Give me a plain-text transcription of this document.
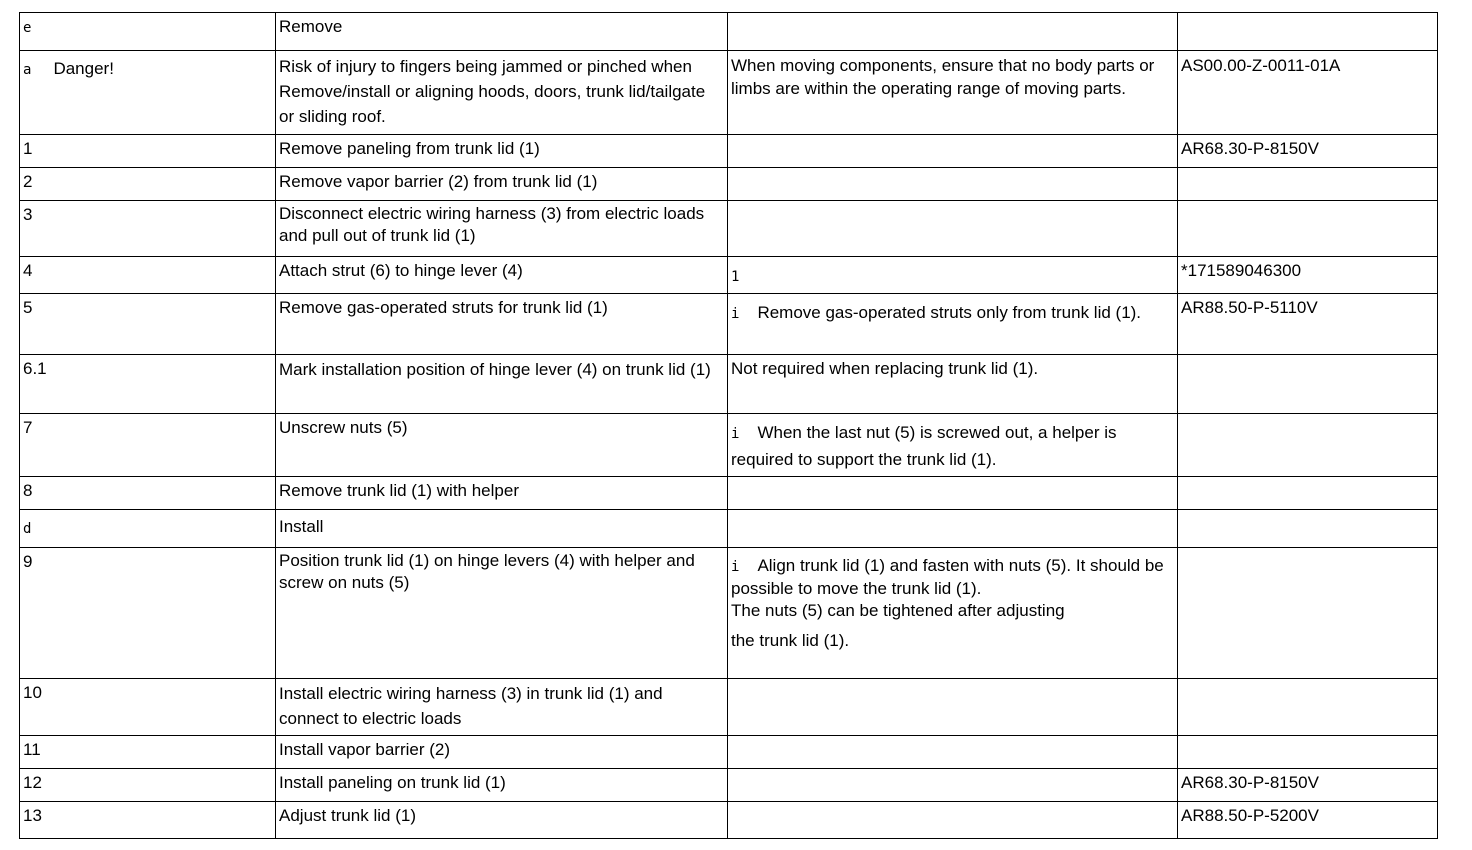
e	Remove		
a Danger!	Risk of injury to fingers being jammed or pinched when Remove/install or aligning hoods, doors, trunk lid/tailgate or sliding roof.	When moving components, ensure that no body parts or limbs are within the operating range of moving parts.	AS00.00-Z-0011-01A
1	Remove paneling from trunk lid (1)		AR68.30-P-8150V
2	Remove vapor barrier (2) from trunk lid (1)		
3	Disconnect electric wiring harness (3) from electric loads and pull out of trunk lid (1)		
4	Attach strut (6) to hinge lever (4)	1	*171589046300
5	Remove gas-operated struts for trunk lid (1)	i Remove gas-operated struts only from trunk lid (1).	AR88.50-P-5110V
6.1	Mark installation position of hinge lever (4) on trunk lid (1)	Not required when replacing trunk lid (1).	
7	Unscrew nuts (5)	i When the last nut (5) is screwed out, a helper is required to support the trunk lid (1).	
8	Remove trunk lid (1) with helper		
d	Install		
9	Position trunk lid (1) on hinge levers (4) with helper and screw on nuts (5)	i Align trunk lid (1) and fasten with nuts (5). It should be possible to move the trunk lid (1).
The nuts (5) can be tightened after adjusting
the trunk lid (1).	
10	Install electric wiring harness (3) in trunk lid (1) and connect to electric loads		
11	Install vapor barrier (2)		
12	Install paneling on trunk lid (1)		AR68.30-P-8150V
13	Adjust trunk lid (1)		AR88.50-P-5200V
